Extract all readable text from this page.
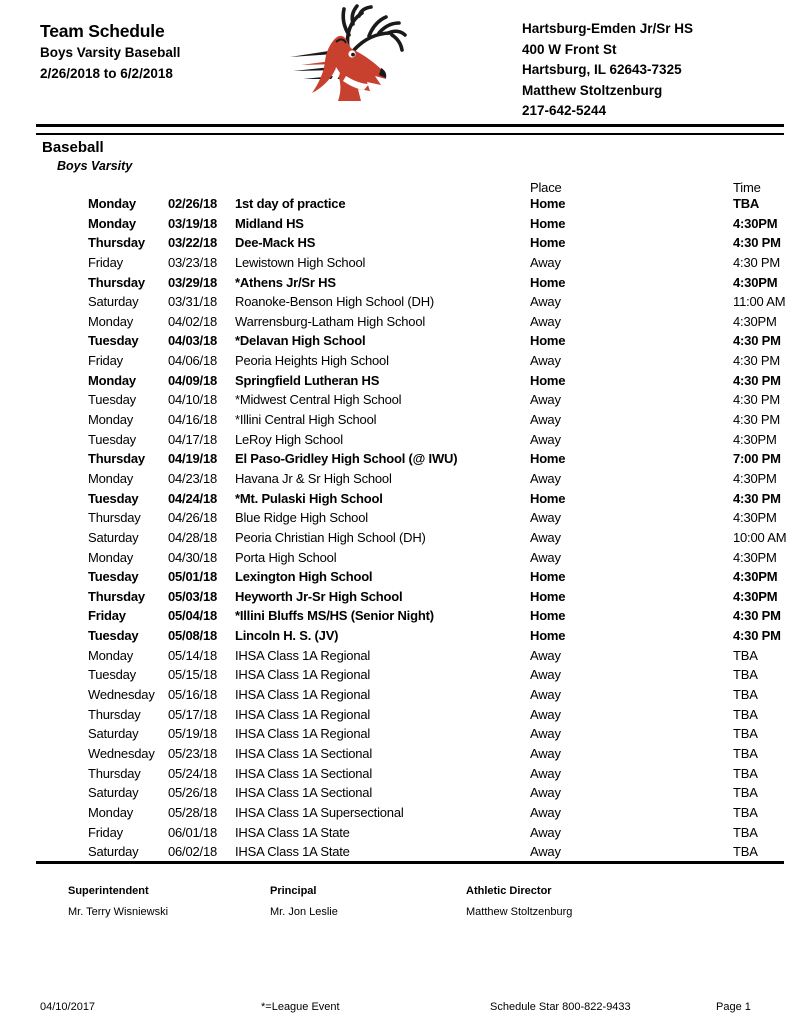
Team Schedule
Boys Varsity Baseball
2/26/2018 to 6/2/2018
Hartsburg-Emden Jr/Sr HS
400 W Front St
Hartsburg, IL 62643-7325
Matthew Stoltzenburg
217-642-5244
Baseball
Boys Varsity
Place	Time
Monday	02/26/18	1st day of practice	Home	TBA
Monday	03/19/18	Midland HS	Home	4:30PM
Thursday	03/22/18	Dee-Mack HS	Home	4:30 PM
Friday	03/23/18	Lewistown High School	Away	4:30 PM
Thursday	03/29/18	*Athens Jr/Sr HS	Home	4:30PM
Saturday	03/31/18	Roanoke-Benson High School (DH)	Away	11:00 AM
Monday	04/02/18	Warrensburg-Latham High School	Away	4:30PM
Tuesday	04/03/18	*Delavan High School	Home	4:30 PM
Friday	04/06/18	Peoria Heights High School	Away	4:30 PM
Monday	04/09/18	Springfield Lutheran HS	Home	4:30 PM
Tuesday	04/10/18	*Midwest Central High School	Away	4:30 PM
Monday	04/16/18	*Illini Central High School	Away	4:30 PM
Tuesday	04/17/18	LeRoy High School	Away	4:30PM
Thursday	04/19/18	El Paso-Gridley High School (@ IWU)	Home	7:00 PM
Monday	04/23/18	Havana Jr & Sr High School	Away	4:30PM
Tuesday	04/24/18	*Mt. Pulaski High School	Home	4:30 PM
Thursday	04/26/18	Blue Ridge High School	Away	4:30PM
Saturday	04/28/18	Peoria Christian High School (DH)	Away	10:00 AM
Monday	04/30/18	Porta High School	Away	4:30PM
Tuesday	05/01/18	Lexington High School	Home	4:30PM
Thursday	05/03/18	Heyworth Jr-Sr High School	Home	4:30PM
Friday	05/04/18	*Illini Bluffs MS/HS (Senior Night)	Home	4:30 PM
Tuesday	05/08/18	Lincoln H. S. (JV)	Home	4:30 PM
Monday	05/14/18	IHSA Class 1A Regional	Away	TBA
Tuesday	05/15/18	IHSA Class 1A Regional	Away	TBA
Wednesday	05/16/18	IHSA Class 1A Regional	Away	TBA
Thursday	05/17/18	IHSA Class 1A Regional	Away	TBA
Saturday	05/19/18	IHSA Class 1A Regional	Away	TBA
Wednesday	05/23/18	IHSA Class 1A Sectional	Away	TBA
Thursday	05/24/18	IHSA Class 1A Sectional	Away	TBA
Saturday	05/26/18	IHSA Class 1A Sectional	Away	TBA
Monday	05/28/18	IHSA Class 1A Supersectional	Away	TBA
Friday	06/01/18	IHSA Class 1A State	Away	TBA
Saturday	06/02/18	IHSA Class 1A State	Away	TBA
Superintendent
Mr. Terry Wisniewski
Principal
Mr. Jon Leslie
Athletic Director
Matthew Stoltzenburg
04/10/2017	*=League Event	Schedule Star 800-822-9433	Page 1
